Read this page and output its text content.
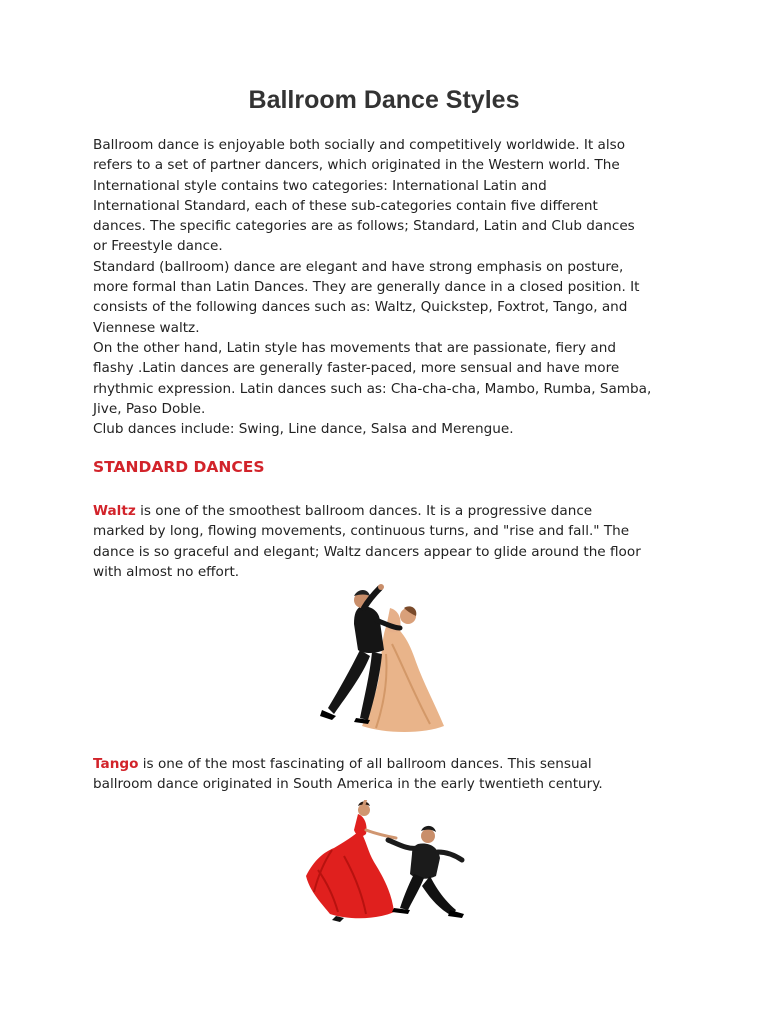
Ballroom Dance Styles
Ballroom dance is enjoyable both socially and competitively worldwide. It also
refers to a set of partner dancers, which originated in the Western world. The
International style contains two categories: International Latin and
International Standard, each of these sub-categories contain five different
dances. The specific categories are as follows; Standard, Latin and Club dances
or Freestyle dance.
Standard (ballroom) dance are elegant and have strong emphasis on posture,
more formal than Latin Dances. They are generally dance in a closed position. It
consists of the following dances such as: Waltz, Quickstep, Foxtrot, Tango, and
Viennese waltz.
On the other hand, Latin style has movements that are passionate, fiery and
flashy .Latin dances are generally faster-paced, more sensual and have more
rhythmic expression. Latin dances such as: Cha-cha-cha, Mambo, Rumba, Samba,
Jive, Paso Doble.
Club dances include: Swing, Line dance, Salsa and Merengue.
STANDARD DANCES
Waltz is one of the smoothest ballroom dances. It is a progressive dance
marked by long, flowing movements, continuous turns, and "rise and fall." The
dance is so graceful and elegant; Waltz dancers appear to glide around the floor
with almost no effort.
Tango is one of the most fascinating of all ballroom dances. This sensual
ballroom dance originated in South America in the early twentieth century.
